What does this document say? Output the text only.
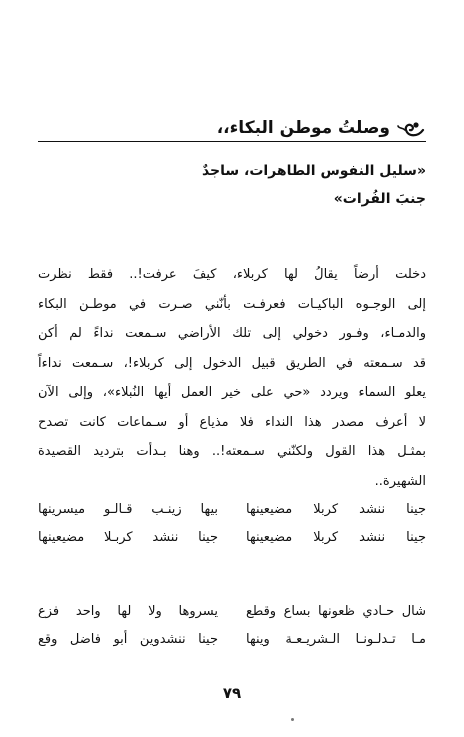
وصلتُ موطن البكاء،،
«سليل النفوس الطاهرات، ساجدٌ
جنبَ الفُرات»
دخلت أرضاً يقالُ لها كربلاء، كيفَ عرفت!.. فقط نظرت
إلى الوجـوه الباكيـات فعرفـت بأنّني صـرت في موطـن البكاء
والدمـاء، وفـور دخولي إلى تلك الأراضي سـمعت نداءً لم أكن
قد سـمعته في الطريق قبيل الدخول إلى كربلاء!، سـمعت نداءاً
يعلو السماء ويردد «حي على خير العمل أيها النُبلاء»، وإلى الآن
لا أعرف مصدر هذا النداء فلا مذياع أو سـماعات كانت تصدح
بمثـل هذا القول ولكنّني سـمعته!.. وهنا بـدأت بترديد القصيدة
الشهيرة..
جينا ننشد كربلا مضيعينها
بيها زينـب قـالـو ميسرينها
جينا ننشد كربلا مضيعينها
جينا ننشد كربـلا مضيعينها
شال حـادي ظعونها بساع وقطع
يسروها ولا لها واحد فزع
مـا تـدلـونـا الـشريـعـة وينها
جينا ننشدوين أبو فاضل وقع
٧٩
